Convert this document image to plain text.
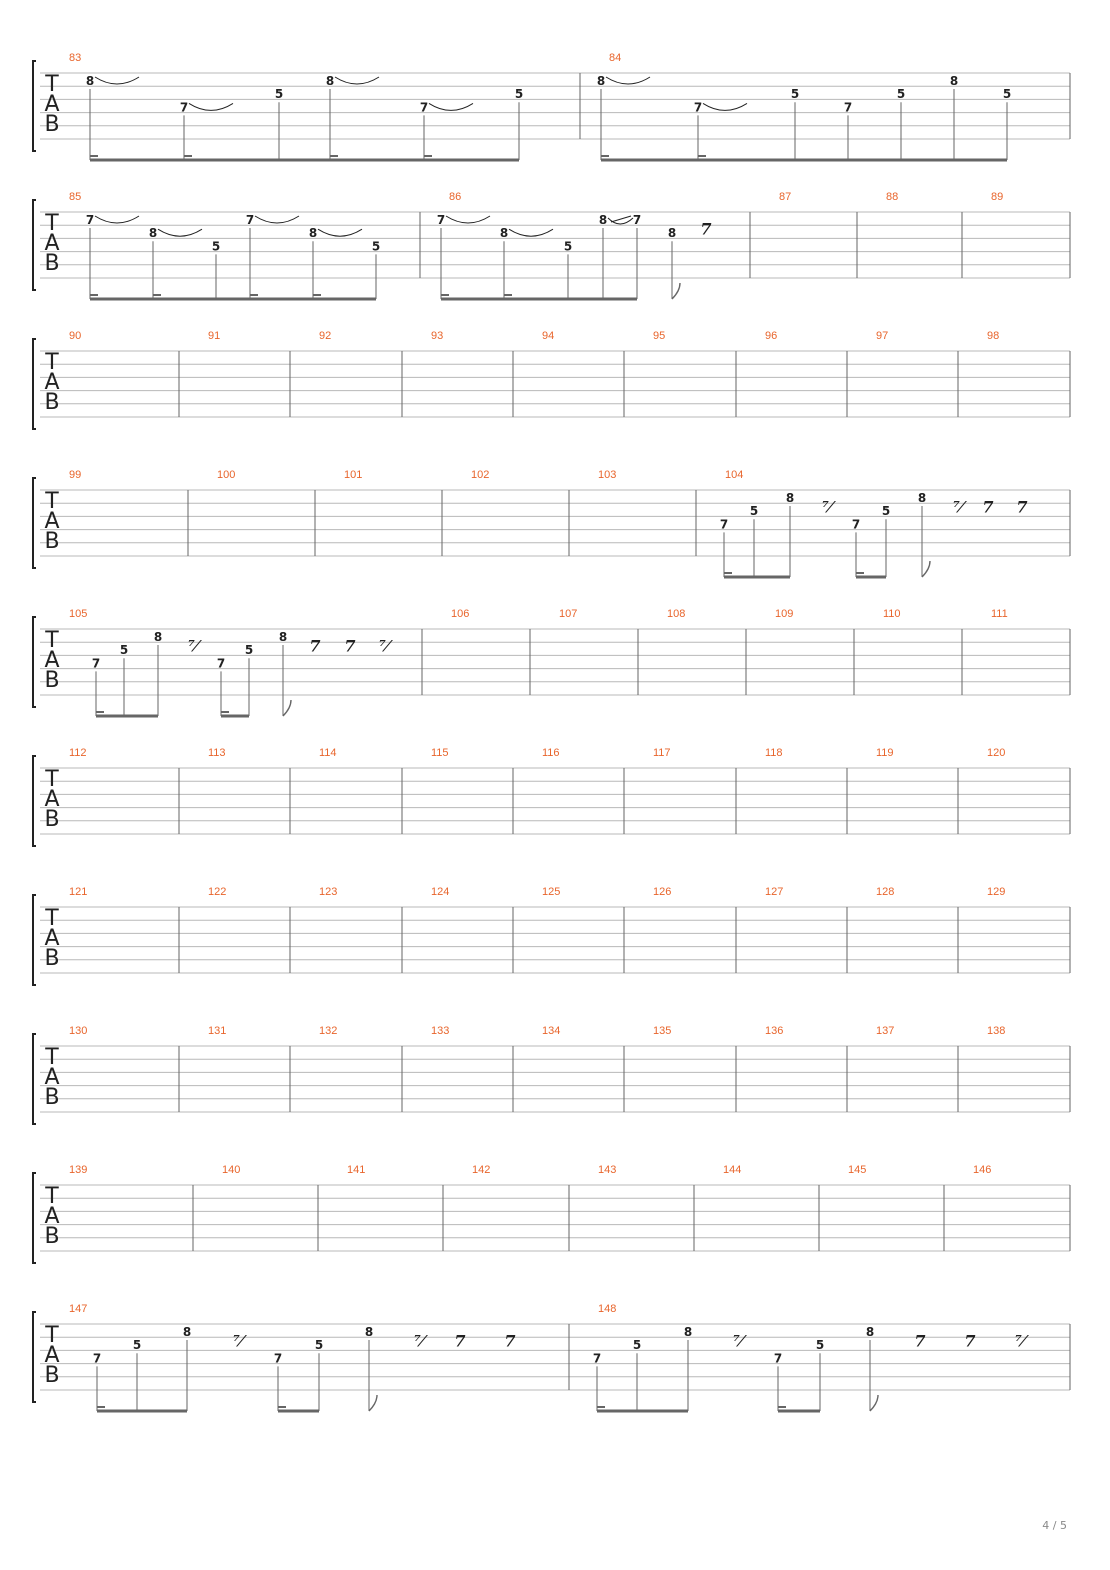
T
A
B
83
8
7
5
8
7
5
84
8
7
5
7
5
8
5
T
A
B
85
7
8
5
7
8
5
86
7
8
5
8 7
8 7
87	88	89
T
A
B
90	91	92	93	94	95	96	97	98
T
A
B
99	100	101	102	103	104
7
5
8 ⁷⁄
7
5
8 ⁷⁄ 7 7
T
A
B
105
7
5
8 ⁷⁄
7
5
8 7 7 ⁷⁄
106	107	108	109	110	111
T
A
B
112	113	114	115	116	117	118	119	120
T
A
B
121	122	123	124	125	126	127	128	129
T
A
B
130	131	132	133	134	135	136	137	138
T
A
B
139	140	141	142	143	144	145	146
T
A
B
147
7
5
8	⁷⁄
7
5
8	⁷⁄ 7 7
148
7
5
8	⁷⁄
7
5
8	7 7 ⁷⁄
4 / 5
